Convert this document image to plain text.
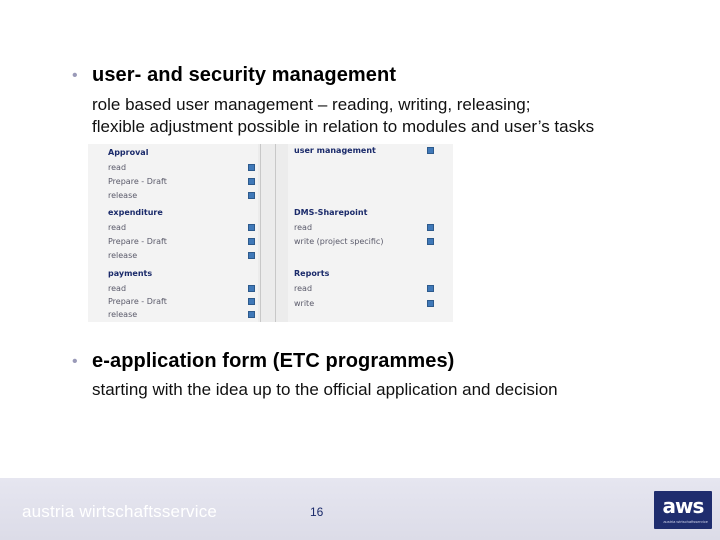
• user- and security management
role based user management – reading, writing, releasing;
flexible adjustment possible in relation to modules and user’s tasks
Approval
read
Prepare - Draft
release
expenditure
read
Prepare - Draft
release
payments
read
Prepare - Draft
release
user management
DMS-Sharepoint
read
write (project specific)
Reports
read
write
• e-application form (ETC programmes)
starting with the idea up to the official application and decision
austria wirtschaftsservice	16	aws
austria wirtschaftsservice
